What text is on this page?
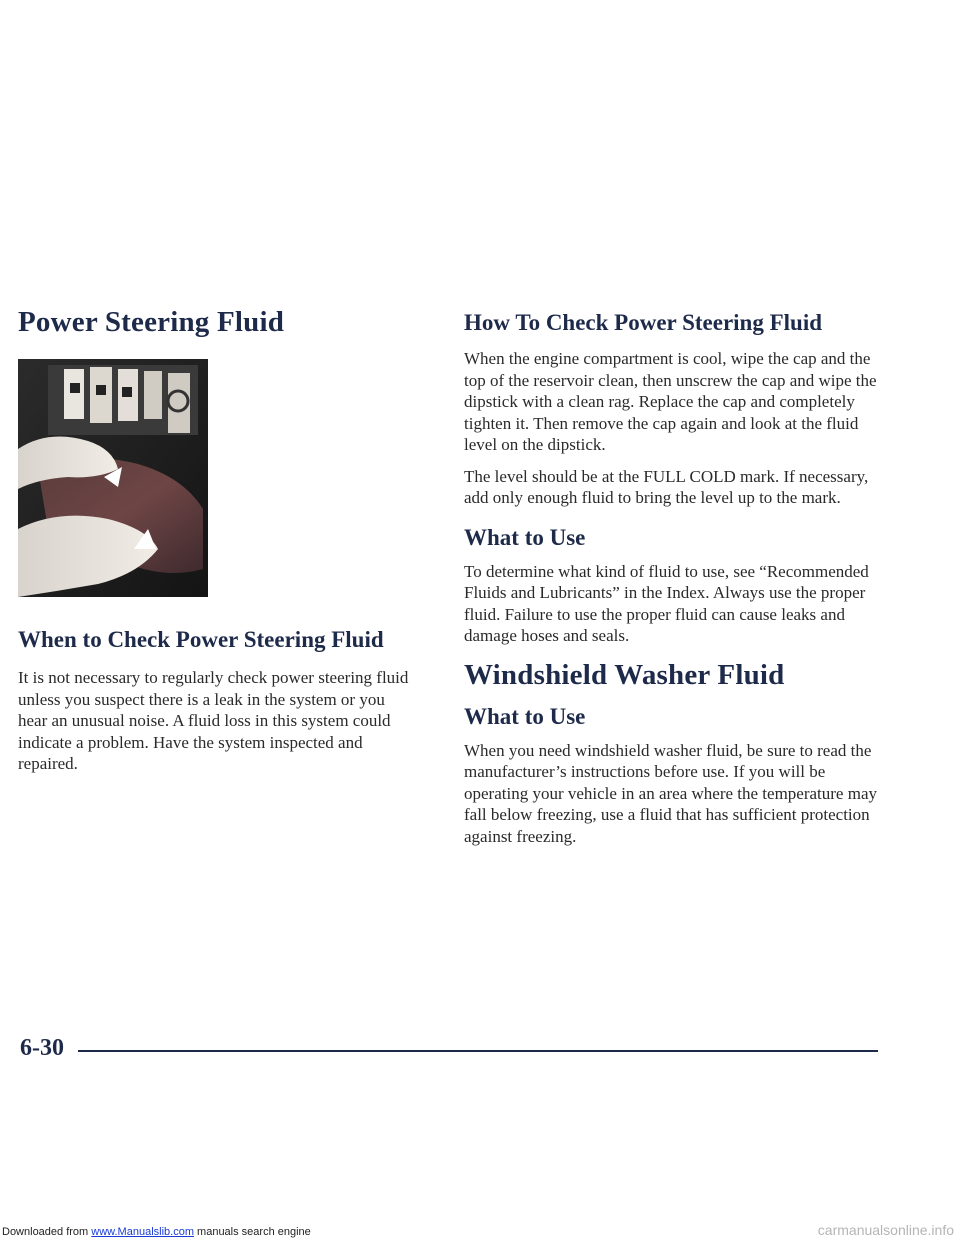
Power Steering Fluid
When to Check Power Steering Fluid

It is not necessary to regularly check power steering fluid unless you suspect there is a leak in the system or you hear an unusual noise. A fluid loss in this system could indicate a problem. Have the system inspected and repaired.

How To Check Power Steering Fluid

When the engine compartment is cool, wipe the cap and the top of the reservoir clean, then unscrew the cap and wipe the dipstick with a clean rag. Replace the cap and completely tighten it. Then remove the cap again and look at the fluid level on the dipstick.

The level should be at the FULL COLD mark. If necessary, add only enough fluid to bring the level up to the mark.

What to Use

To determine what kind of fluid to use, see “Recommended Fluids and Lubricants” in the Index. Always use the proper fluid. Failure to use the proper fluid can cause leaks and damage hoses and seals.

Windshield Washer Fluid
What to Use

When you need windshield washer fluid, be sure to read the manufacturer’s instructions before use. If you will be operating your vehicle in an area where the temperature may fall below freezing, use a fluid that has sufficient protection against freezing.

6-30
Downloaded from www.Manualslib.com manuals search engine	carmanualsonline.info
